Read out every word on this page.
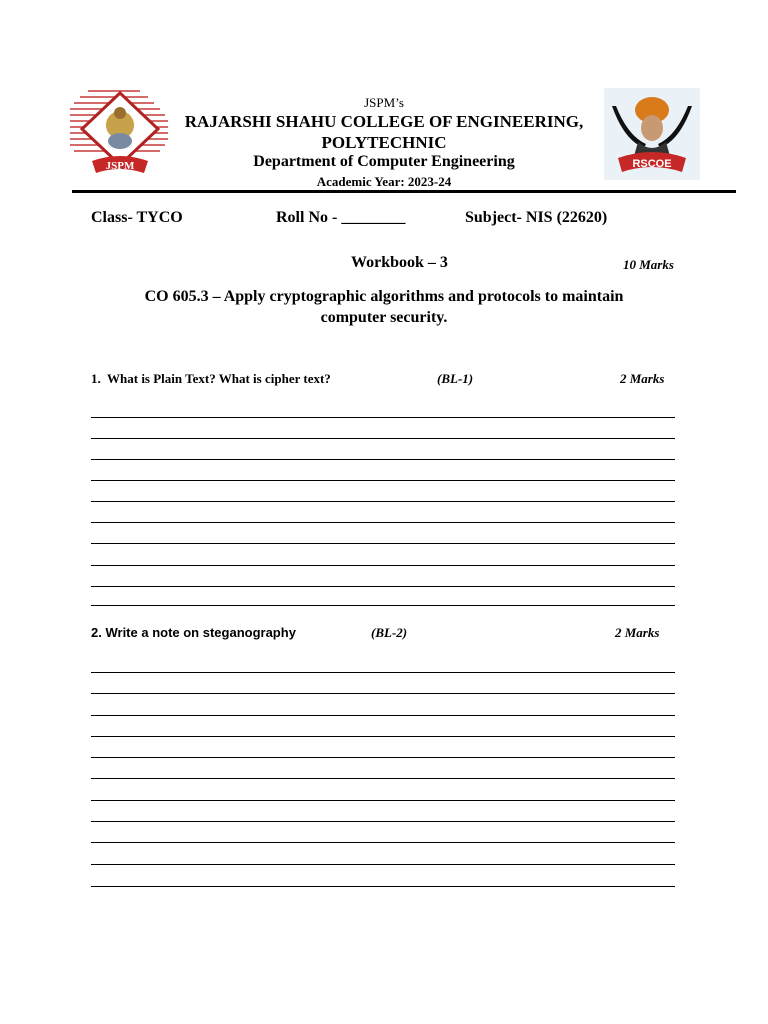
JSPM	RSCOE
JSPM’s
RAJARSHI SHAHU COLLEGE OF ENGINEERING,
POLYTECHNIC
Department of Computer Engineering
Academic Year: 2023-24
Class- TYCO	Roll No - ________	Subject- NIS (22620)
Workbook – 3	10 Marks
CO 605.3 – Apply cryptographic algorithms and protocols to maintain
computer security.
1. What is Plain Text? What is cipher text?	(BL-1)	2 Marks
2. Write a note on steganography	(BL-2)	2 Marks
